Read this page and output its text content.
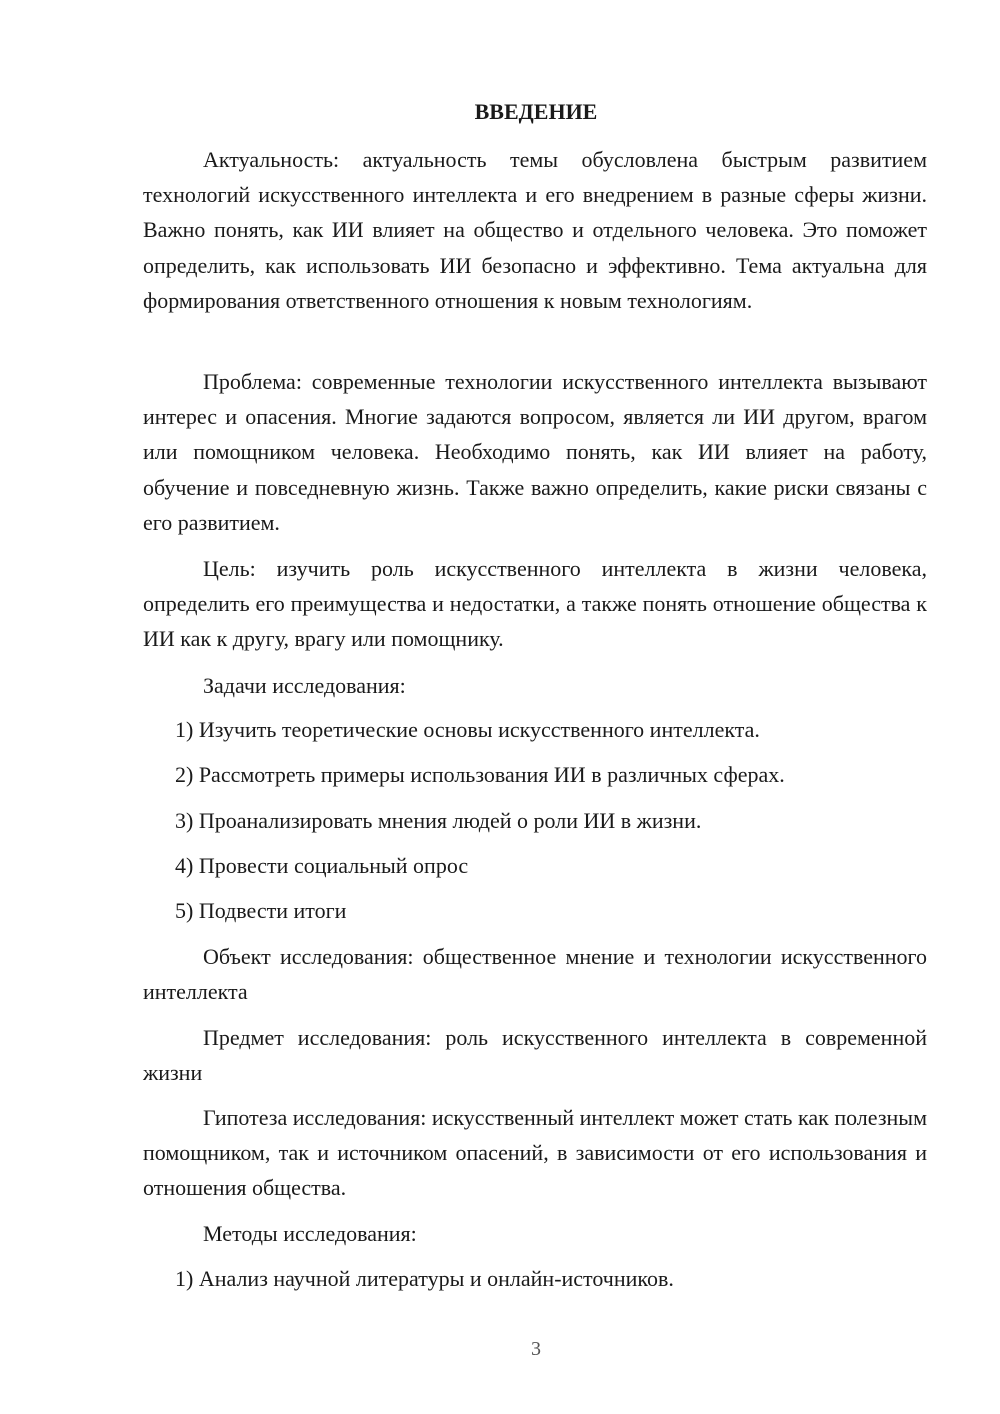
ВВЕДЕНИЕ

Актуальность: актуальность темы обусловлена быстрым развитием технологий искусственного интеллекта и его внедрением в разные сферы жизни. Важно понять, как ИИ влияет на общество и отдельного человека. Это поможет определить, как использовать ИИ безопасно и эффективно. Тема актуальна для формирования ответственного отношения к новым технологиям.

Проблема: современные технологии искусственного интеллекта вызывают интерес и опасения. Многие задаются вопросом, является ли ИИ другом, врагом или помощником человека. Необходимо понять, как ИИ влияет на работу, обучение и повседневную жизнь. Также важно определить, какие риски связаны с его развитием.

Цель: изучить роль искусственного интеллекта в жизни человека, определить его преимущества и недостатки, а также понять отношение общества к ИИ как к другу, врагу или помощнику.

Задачи исследования:

1) Изучить теоретические основы искусственного интеллекта.

2) Рассмотреть примеры использования ИИ в различных сферах.

3) Проанализировать мнения людей о роли ИИ в жизни.

4) Провести социальный опрос

5) Подвести итоги

Объект исследования: общественное мнение и технологии искусственного интеллекта

Предмет исследования: роль искусственного интеллекта в современной жизни

Гипотеза исследования: искусственный интеллект может стать как полезным помощником, так и источником опасений, в зависимости от его использования и отношения общества.

Методы исследования:

1) Анализ научной литературы и онлайн-источников.

3
